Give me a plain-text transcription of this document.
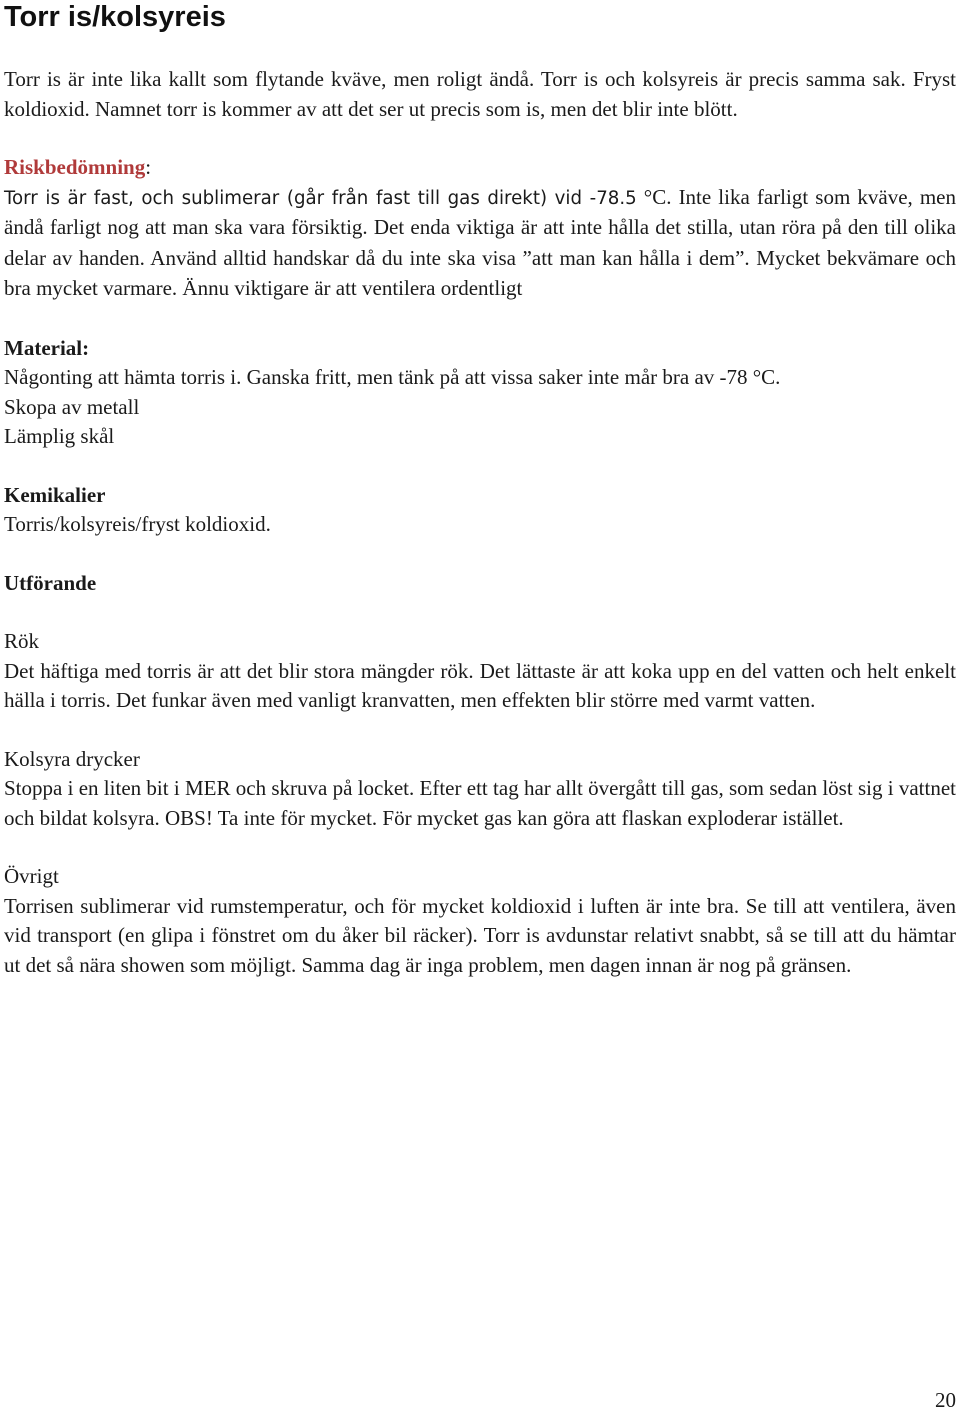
Torr is/kolsyreis

Torr is är inte lika kallt som flytande kväve, men roligt ändå. Torr is och kolsyreis är precis samma sak. Fryst koldioxid. Namnet torr is kommer av att det ser ut precis som is, men det blir inte blött.

Riskbedömning:

Torr is är fast, och sublimerar (går från fast till gas direkt) vid -78.5 °C. Inte lika farligt som kväve, men ändå farligt nog att man ska vara försiktig. Det enda viktiga är att inte hålla det stilla, utan röra på den till olika delar av handen. Använd alltid handskar då du inte ska visa ”att man kan hålla i dem”. Mycket bekvämare och bra mycket varmare. Ännu viktigare är att ventilera ordentligt

Material:
Någonting att hämta torris i. Ganska fritt, men tänk på att vissa saker inte mår bra av -78 °C.
Skopa av metall
Lämplig skål
Kemikalier
Torris/kolsyreis/fryst koldioxid.
Utförande
Rök

Det häftiga med torris är att det blir stora mängder rök. Det lättaste är att koka upp en del vatten och helt enkelt hälla i torris. Det funkar även med vanligt kranvatten, men effekten blir större med varmt vatten.

Kolsyra drycker

Stoppa i en liten bit i MER och skruva på locket. Efter ett tag har allt övergått till gas, som sedan löst sig i vattnet och bildat kolsyra. OBS! Ta inte för mycket. För mycket gas kan göra att flaskan exploderar istället.

Övrigt

Torrisen sublimerar vid rumstemperatur, och för mycket koldioxid i luften är inte bra. Se till att ventilera, även vid transport (en glipa i fönstret om du åker bil räcker). Torr is avdunstar relativt snabbt, så se till att du hämtar ut det så nära showen som möjligt. Samma dag är inga problem, men dagen innan är nog på gränsen.

20
